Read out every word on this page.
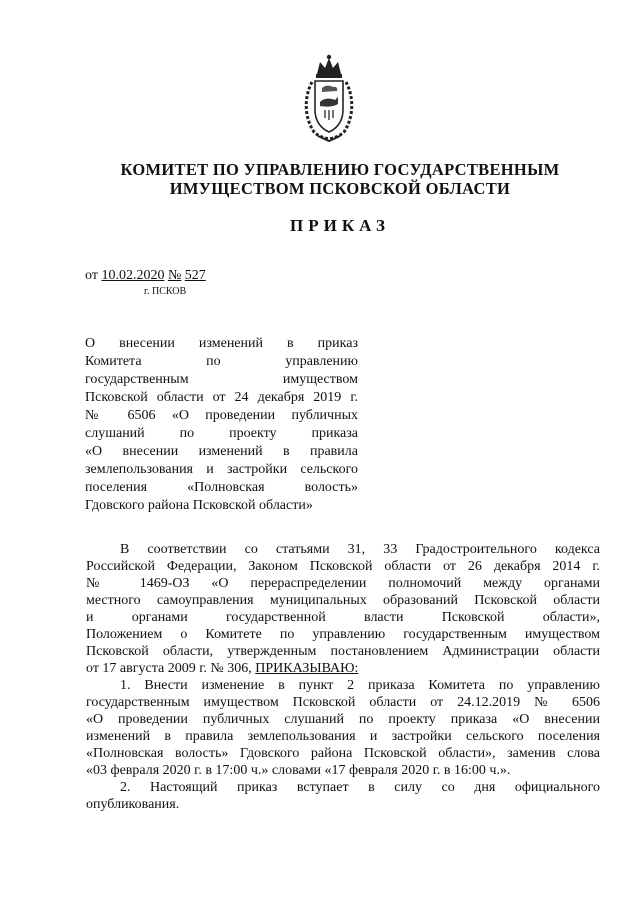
КОМИТЕТ ПО УПРАВЛЕНИЮ ГОСУДАРСТВЕННЫМ
ИМУЩЕСТВОМ ПСКОВСКОЙ ОБЛАСТИ
ПРИКАЗ
от 10.02.2020 № 527
г. ПСКОВ
О внесении изменений в приказ
Комитета по управлению
государственным имуществом
Псковской области от 24 декабря 2019 г.
№ 6506 «О проведении публичных
слушаний по проекту приказа
«О внесении изменений в правила
землепользования и застройки сельского
поселения «Полновская волость»
Гдовского района Псковской области»
В соответствии со статьями 31, 33 Градостроительного кодекса
Российской Федерации, Законом Псковской области от 26 декабря 2014 г.
№ 1469-ОЗ «О перераспределении полномочий между органами
местного самоуправления муниципальных образований Псковской области
и органами государственной власти Псковской области»,
Положением о Комитете по управлению государственным имуществом
Псковской области, утвержденным постановлением Администрации области
от 17 августа 2009 г. № 306, ПРИКАЗЫВАЮ:
1. Внести изменение в пункт 2 приказа Комитета по управлению
государственным имуществом Псковской области от 24.12.2019 № 6506
«О проведении публичных слушаний по проекту приказа «О внесении
изменений в правила землепользования и застройки сельского поселения
«Полновская волость» Гдовского района Псковской области», заменив слова
«03 февраля 2020 г. в 17:00 ч.» словами «17 февраля 2020 г. в 16:00 ч.».
2. Настоящий приказ вступает в силу со дня официального
опубликования.
